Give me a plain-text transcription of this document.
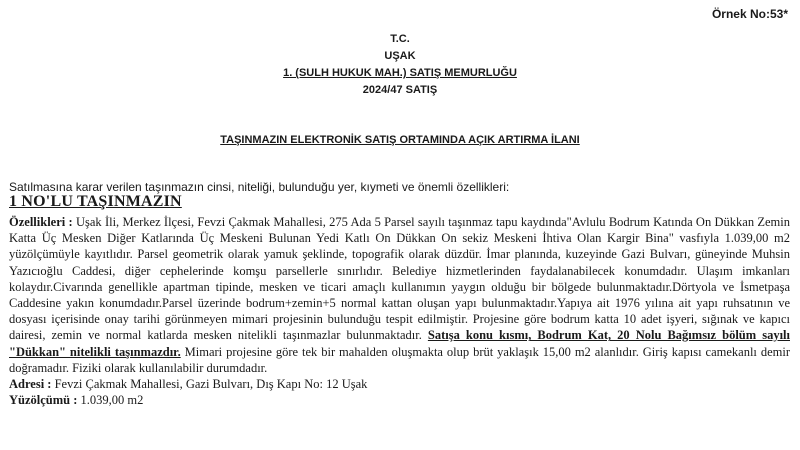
Örnek No:53*
T.C.
UŞAK
1. (SULH HUKUK MAH.) SATIŞ MEMURLUĞU
2024/47 SATIŞ
TAŞINMAZIN ELEKTRONİK SATIŞ ORTAMINDA AÇIK ARTIRMA İLANI
Satılmasına karar verilen taşınmazın cinsi, niteliği, bulunduğu yer, kıymeti ve önemli özellikleri:
1 NO'LU TAŞINMAZIN

Özellikleri : Uşak İli, Merkez İlçesi, Fevzi Çakmak Mahallesi, 275 Ada 5 Parsel sayılı taşınmaz tapu kaydında"Avlulu Bodrum Katında On Dükkan Zemin Katta Üç Mesken Diğer Katlarında Üç Meskeni Bulunan Yedi Katlı On Dükkan On sekiz Meskeni İhtiva Olan Kargir Bina" vasfıyla 1.039,00 m2 yüzölçümüyle kayıtlıdır. Parsel geometrik olarak yamuk şeklinde, topografik olarak düzdür. İmar planında, kuzeyinde Gazi Bulvarı, güneyinde Muhsin Yazıcıoğlu Caddesi, diğer cephelerinde komşu parsellerle sınırlıdır. Belediye hizmetlerinden faydalanabilecek konumdadır. Ulaşım imkanları kolaydır.Civarında genellikle apartman tipinde, mesken ve ticari amaçlı kullanımın yaygın olduğu bir bölgede bulunmaktadır.Dörtyola ve İsmetpaşa Caddesine yakın konumdadır.Parsel üzerinde bodrum+zemin+5 normal kattan oluşan yapı bulunmaktadır.Yapıya ait 1976 yılına ait yapı ruhsatının ve dosyası içerisinde onay tarihi görünmeyen mimari projesinin bulunduğu tespit edilmiştir. Projesine göre bodrum katta 10 adet işyeri, sığınak ve kapıcı dairesi, zemin ve normal katlarda mesken nitelikli taşınmazlar bulunmaktadır. Satışa konu kısmı, Bodrum Kat, 20 Nolu Bağımsız bölüm sayılı "Dükkan" nitelikli taşınmazdır. Mimari projesine göre tek bir mahalden oluşmakta olup brüt yaklaşık 15,00 m2 alanlıdır. Giriş kapısı camekanlı demir doğramadır. Fiziki olarak kullanılabilir durumdadır.

Adresi : Fevzi Çakmak Mahallesi, Gazi Bulvarı, Dış Kapı No: 12 Uşak

Yüzölçümü : 1.039,00 m2
